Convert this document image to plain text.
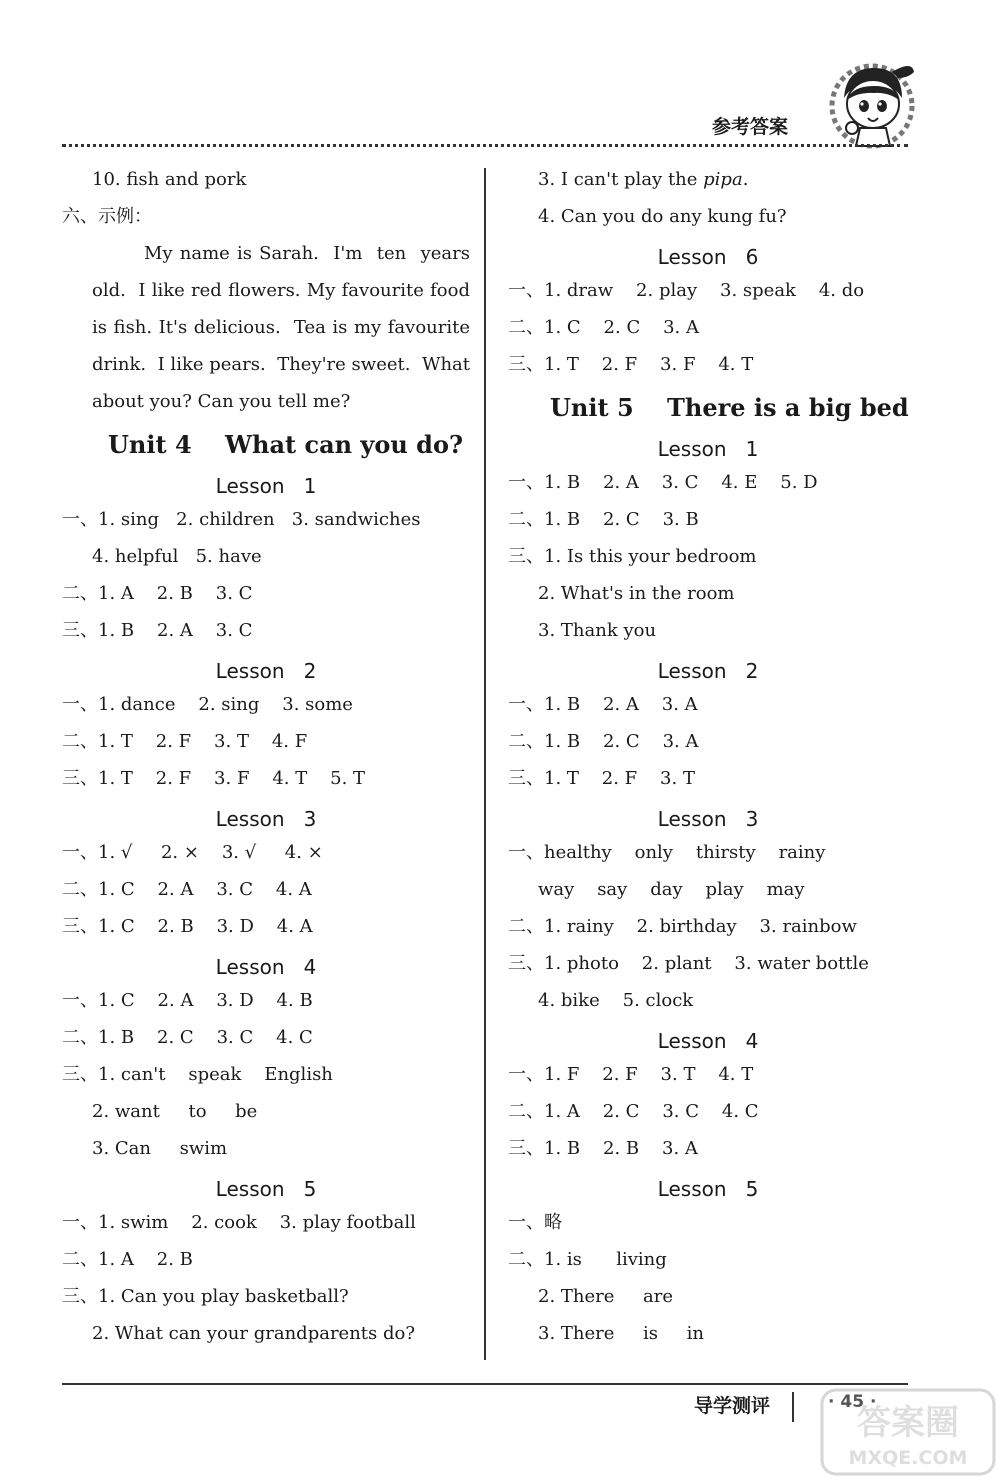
参考答案
10. fish and pork
六、示例：
My name is Sarah.  I'm  ten  years
old.  I like red flowers. My favourite food
is fish. It's delicious.  Tea is my favourite
drink.  I like pears.  They're sweet.  What
about you? Can you tell me?
Unit 4    What can you do?
Lesson   1
一、1. sing   2. children   3. sandwiches
4. helpful   5. have
二、1. A    2. B    3. C
三、1. B    2. A    3. C
Lesson   2
一、1. dance    2. sing    3. some
二、1. T    2. F    3. T    4. F
三、1. T    2. F    3. F    4. T    5. T
Lesson   3
一、1. √     2. ×    3. √     4. ×
二、1. C    2. A    3. C    4. A
三、1. C    2. B    3. D    4. A
Lesson   4
一、1. C    2. A    3. D    4. B
二、1. B    2. C    3. C    4. C
三、1. can't    speak    English
2. want     to     be
3. Can     swim
Lesson   5
一、1. swim    2. cook    3. play football
二、1. A    2. B
三、1. Can you play basketball?
2. What can your grandparents do?
3. I can't play the pipa.
4. Can you do any kung fu?
Lesson   6
一、1. draw    2. play    3. speak    4. do
二、1. C    2. C    3. A
三、1. T    2. F    3. F    4. T
Unit 5    There is a big bed
Lesson   1
一、1. B    2. A    3. C    4. E    5. D
二、1. B    2. C    3. B
三、1. Is this your bedroom
2. What's in the room
3. Thank you
Lesson   2
一、1. B    2. A    3. A
二、1. B    2. C    3. A
三、1. T    2. F    3. T
Lesson   3
一、healthy    only    thirsty    rainy
way    say    day    play    may
二、1. rainy    2. birthday    3. rainbow
三、1. photo    2. plant    3. water bottle
4. bike    5. clock
Lesson   4
一、1. F    2. F    3. T    4. T
二、1. A    2. C    3. C    4. C
三、1. B    2. B    3. A
Lesson   5
一、略
二、1. is      living
2. There     are
3. There     is     in
导学测评	· 45 ·
答案圈
MXQE.COM
